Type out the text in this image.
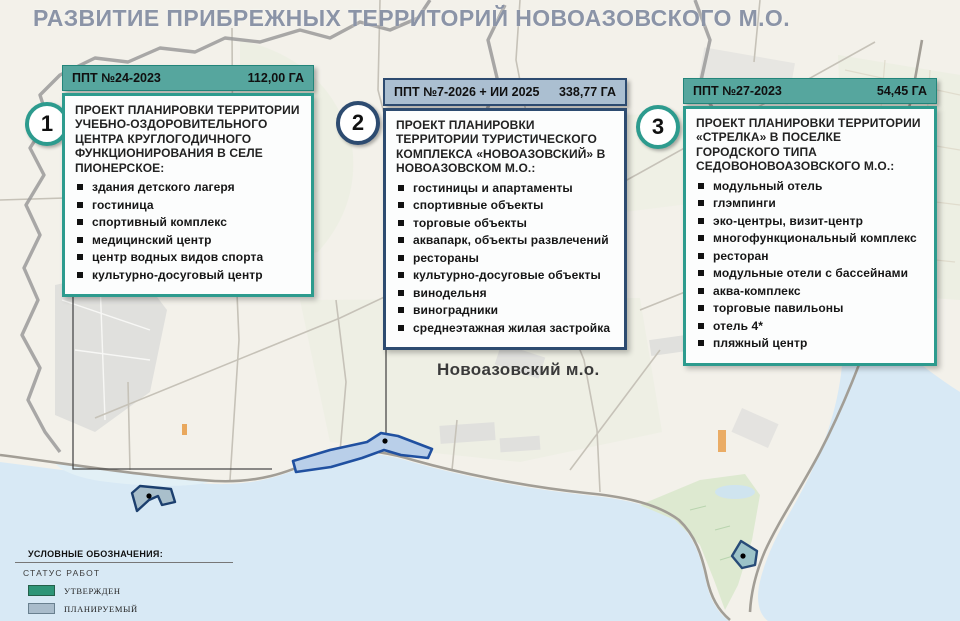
РАЗВИТИЕ ПРИБРЕЖНЫХ ТЕРРИТОРИЙ НОВОАЗОВСКОГО М.О.
Новоазовский м.о.
1	2	3
ППТ №24-2023	112,00 ГА
ПРОЕКТ ПЛАНИРОВКИ ТЕРРИТОРИИ УЧЕБНО-ОЗДОРОВИТЕЛЬНОГО ЦЕНТРА КРУГЛОГОДИЧНОГО ФУНКЦИОНИРОВАНИЯ В СЕЛЕ ПИОНЕРСКОЕ:
здания детского лагеря
гостиница
спортивный комплекс
медицинский центр
центр водных видов спорта
культурно-досуговый центр
ППТ №7-2026 + ИИ 2025 338,77 ГА
ПРОЕКТ ПЛАНИРОВКИ ТЕРРИТОРИИ ТУРИСТИЧЕСКОГО КОМПЛЕКСА «НОВОАЗОВСКИЙ» В НОВОАЗОВСКОМ М.О.:
гостиницы и апартаменты
спортивные объекты
торговые объекты
аквапарк, объекты развлечений
рестораны
культурно-досуговые объекты
винодельня
виноградники
среднеэтажная жилая застройка
ППТ №27-2023	54,45 ГА
ПРОЕКТ ПЛАНИРОВКИ ТЕРРИТОРИИ «СТРЕЛКА» В ПОСЕЛКЕ ГОРОДСКОГО ТИПА СЕДОВОНОВОАЗОВСКОГО М.О.:
модульный отель
глэмпинги
эко-центры, визит-центр
многофункциональный комплекс
ресторан
модульные отели с бассейнами
аква-комплекс
торговые павильоны
отель 4*
пляжный центр
УСЛОВНЫЕ ОБОЗНАЧЕНИЯ:
СТАТУС РАБОТ
УТВЕРЖДЕН
ПЛАНИРУЕМЫЙ
